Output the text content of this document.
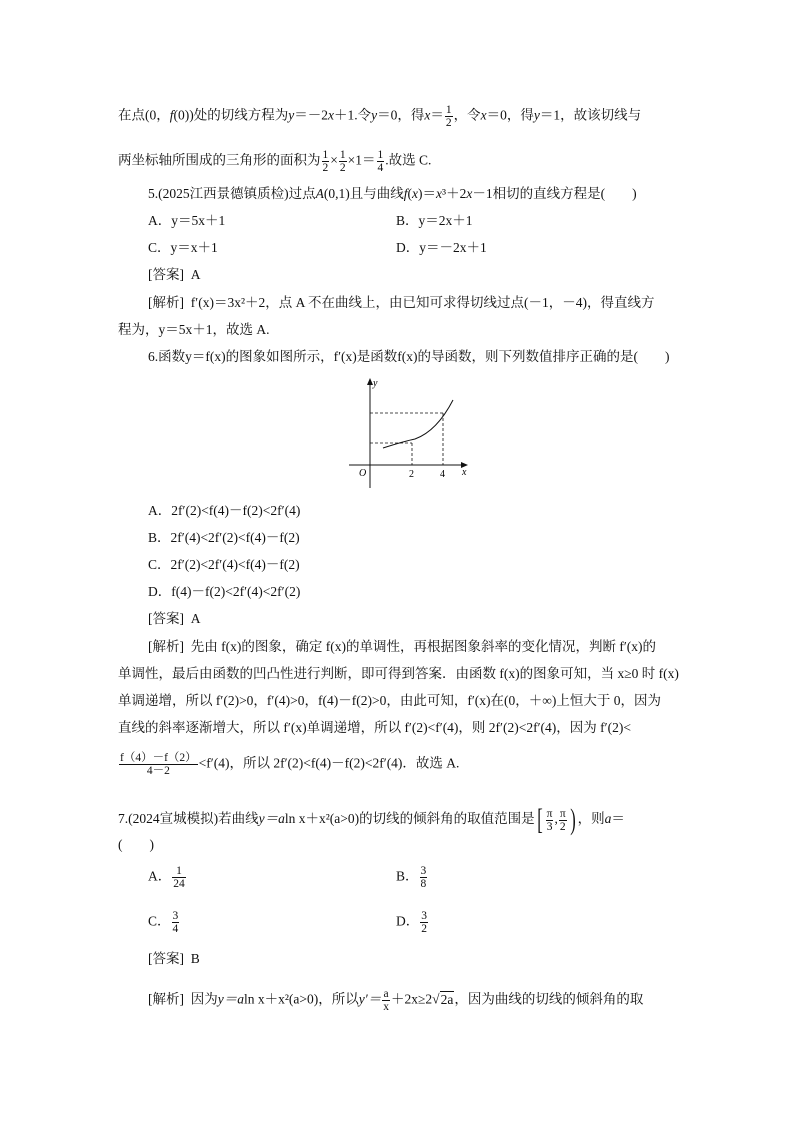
在点(0，f(0))处的切线方程为y＝－2x＋1.令y＝0，得$x= \frac{1}{2}$ ，令x＝0，得y＝1，故该切线与
两坐标轴所围成的三角形的面积为 $\frac{1}{2} \times \frac{1}{2} \times 1= \frac{1}{4}$ .故选 C.
5.(2025江西景德镇质检)过点A(0,1)且与曲线f(x)＝x³＋2x－1相切的直线方程是(　　)
A．y＝5x＋1	B．y＝2x＋1
C．y＝x＋1	D．y＝－2x＋1
[答案] A
[解析] f′(x)＝3x²＋2，点 A 不在曲线上，由已知可求得切线过点(－1，－4)，得直线方
程为，y＝5x＋1，故选 A.
6.函数y＝f(x)的图象如图所示，f′(x)是函数f(x)的导函数，则下列数值排序正确的是(　　)
y
x
O	2	4
A．2f′(2)<f(4)－f(2)<2f′(4)
B．2f′(4)<2f′(2)<f(4)－f(2)
C．2f′(2)<2f′(4)<f(4)－f(2)
D．f(4)－f(2)<2f′(4)<2f′(2)
[答案] A
[解析] 先由 f(x)的图象，确定 f(x)的单调性，再根据图象斜率的变化情况，判断 f′(x)的
单调性，最后由函数的凹凸性进行判断，即可得到答案．由函数 f(x)的图象可知，当 x≥0 时 f(x)
单调递增，所以 f′(2)>0，f′(4)>0，f(4)－f(2)>0，由此可知，f′(x)在(0，＋∞)上恒大于 0，因为
直线的斜率逐渐增大，所以 f′(x)单调递增，所以 f′(2)<f′(4)，则 2f′(2)<2f′(4)，因为 f′(2)<
$\frac{f(4)-f(2)}{4-2} <f'(4)$，所以 2f′(2)<f(4)－f(2)<2f′(4)．故选 A.
7.(2024宣城模拟)若曲线y＝aln x＋x²(a>0)的切线的倾斜角的取值范围是[ $\frac{\pi}{3}$ , $\frac{\pi}{2}$ ) ，则a＝
(　　)
A． $\frac{1}{24}$	B． $\frac{3}{8}$
C． $\frac{3}{4}$	D． $\frac{3}{2}$
[答案] B
[解析] 因为y＝aln x＋x²(a>0)，所以$y'= \frac{a}{x} +2x\ge 2√2a$，因为曲线的切线的倾斜角的取
